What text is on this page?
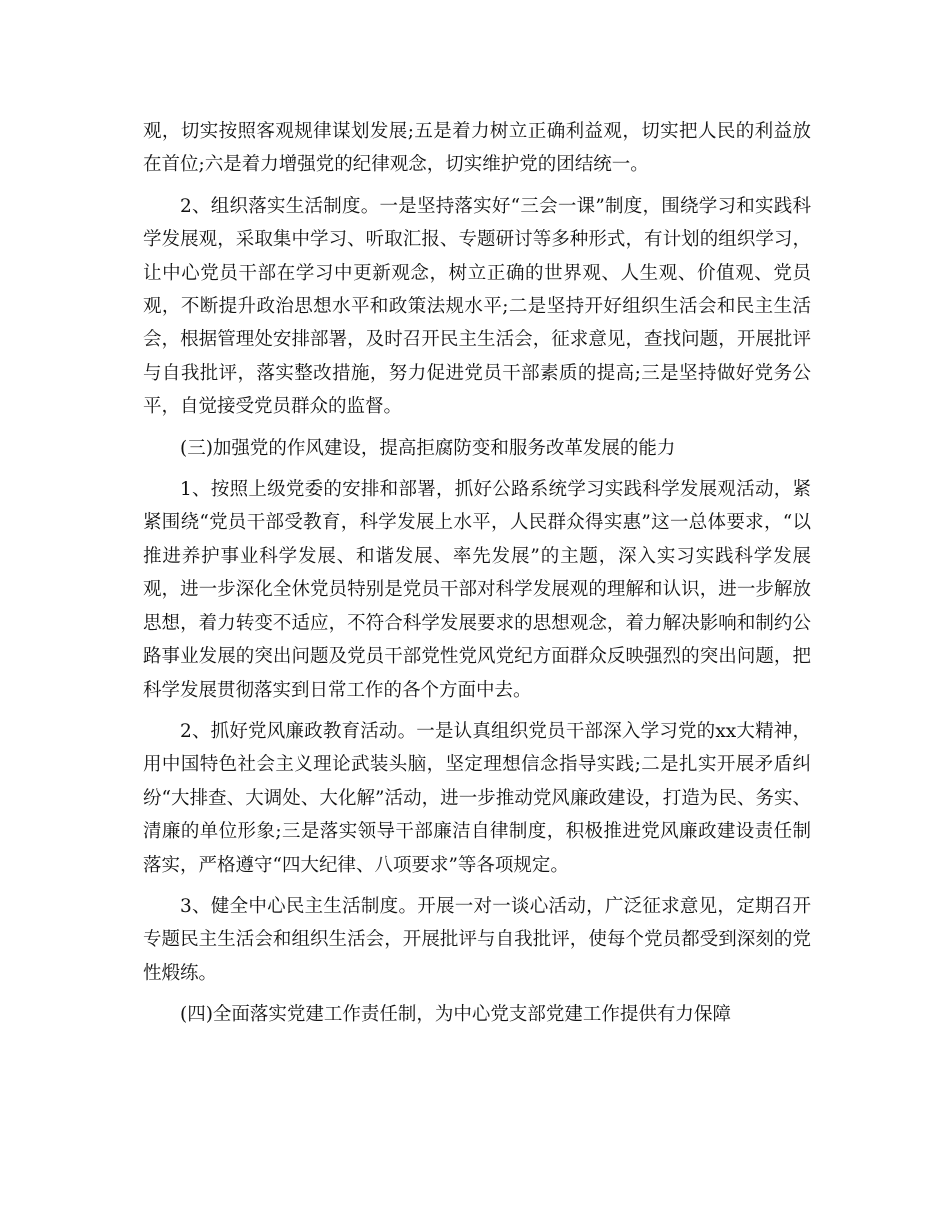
观，切实按照客观规律谋划发展;五是着力树立正确利益观，切实把人民的利益放在首位;六是着力增强党的纪律观念，切实维护党的团结统一。

2、组织落实生活制度。一是坚持落实好“三会一课”制度，围绕学习和实践科学发展观，采取集中学习、听取汇报、专题研讨等多种形式，有计划的组织学习，让中心党员干部在学习中更新观念，树立正确的世界观、人生观、价值观、党员观，不断提升政治思想水平和政策法规水平;二是坚持开好组织生活会和民主生活会，根据管理处安排部署，及时召开民主生活会，征求意见，查找问题，开展批评与自我批评，落实整改措施，努力促进党员干部素质的提高;三是坚持做好党务公平，自觉接受党员群众的监督。

(三)加强党的作风建设，提高拒腐防变和服务改革发展的能力

1、按照上级党委的安排和部署，抓好公路系统学习实践科学发展观活动，紧紧围绕“党员干部受教育，科学发展上水平，人民群众得实惠”这一总体要求，“以推进养护事业科学发展、和谐发展、率先发展”的主题，深入实习实践科学发展观，进一步深化全休党员特别是党员干部对科学发展观的理解和认识，进一步解放思想，着力转变不适应，不符合科学发展要求的思想观念，着力解决影响和制约公路事业发展的突出问题及党员干部党性党风党纪方面群众反映强烈的突出问题，把科学发展贯彻落实到日常工作的各个方面中去。

2、抓好党风廉政教育活动。一是认真组织党员干部深入学习党的xx大精神，用中国特色社会主义理论武装头脑，坚定理想信念指导实践;二是扎实开展矛盾纠纷“大排查、大调处、大化解”活动，进一步推动党风廉政建设，打造为民、务实、清廉的单位形象;三是落实领导干部廉洁自律制度，积极推进党风廉政建设责任制落实，严格遵守“四大纪律、八项要求”等各项规定。

3、健全中心民主生活制度。开展一对一谈心活动，广泛征求意见，定期召开专题民主生活会和组织生活会，开展批评与自我批评，使每个党员都受到深刻的党性煅练。

(四)全面落实党建工作责任制，为中心党支部党建工作提供有力保障
